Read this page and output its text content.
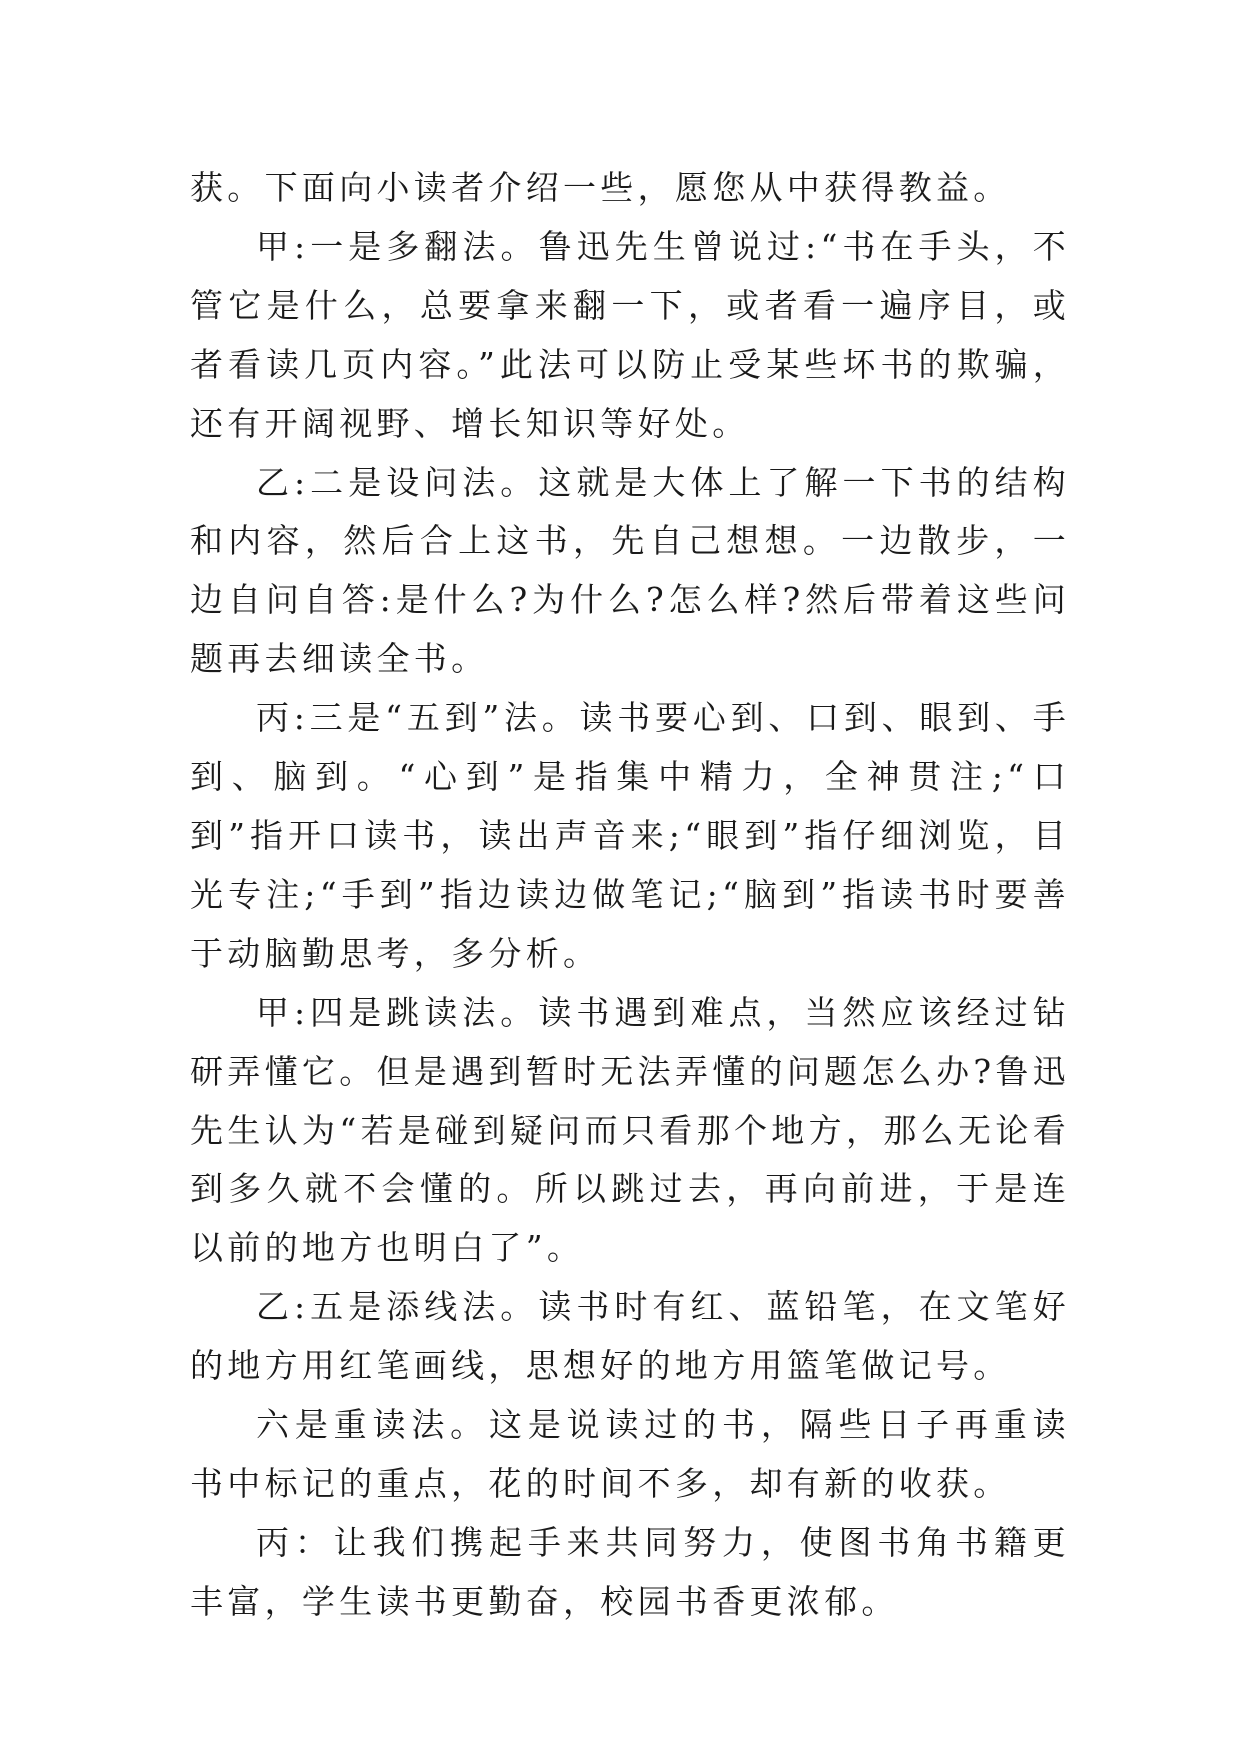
获。下面向小读者介绍一些，愿您从中获得教益。

甲:一是多翻法。鲁迅先生曾说过:“书在手头，不管它是什么，总要拿来翻一下，或者看一遍序目，或者看读几页内容。”此法可以防止受某些坏书的欺骗，还有开阔视野、增长知识等好处。

乙:二是设问法。这就是大体上了解一下书的结构和内容，然后合上这书，先自己想想。一边散步，一边自问自答:是什么?为什么?怎么样?然后带着这些问题再去细读全书。

丙:三是“五到”法。读书要心到、口到、眼到、手到、脑到。“心到”是指集中精力，全神贯注;“口到”指开口读书，读出声音来;“眼到”指仔细浏览，目光专注;“手到”指边读边做笔记;“脑到”指读书时要善于动脑勤思考，多分析。

甲:四是跳读法。读书遇到难点，当然应该经过钻研弄懂它。但是遇到暂时无法弄懂的问题怎么办?鲁迅先生认为“若是碰到疑问而只看那个地方，那么无论看到多久就不会懂的。所以跳过去，再向前进，于是连以前的地方也明白了”。

乙:五是添线法。读书时有红、蓝铅笔，在文笔好的地方用红笔画线，思想好的地方用篮笔做记号。

六是重读法。这是说读过的书，隔些日子再重读书中标记的重点，花的时间不多，却有新的收获。

丙：让我们携起手来共同努力，使图书角书籍更丰富，学生读书更勤奋，校园书香更浓郁。
